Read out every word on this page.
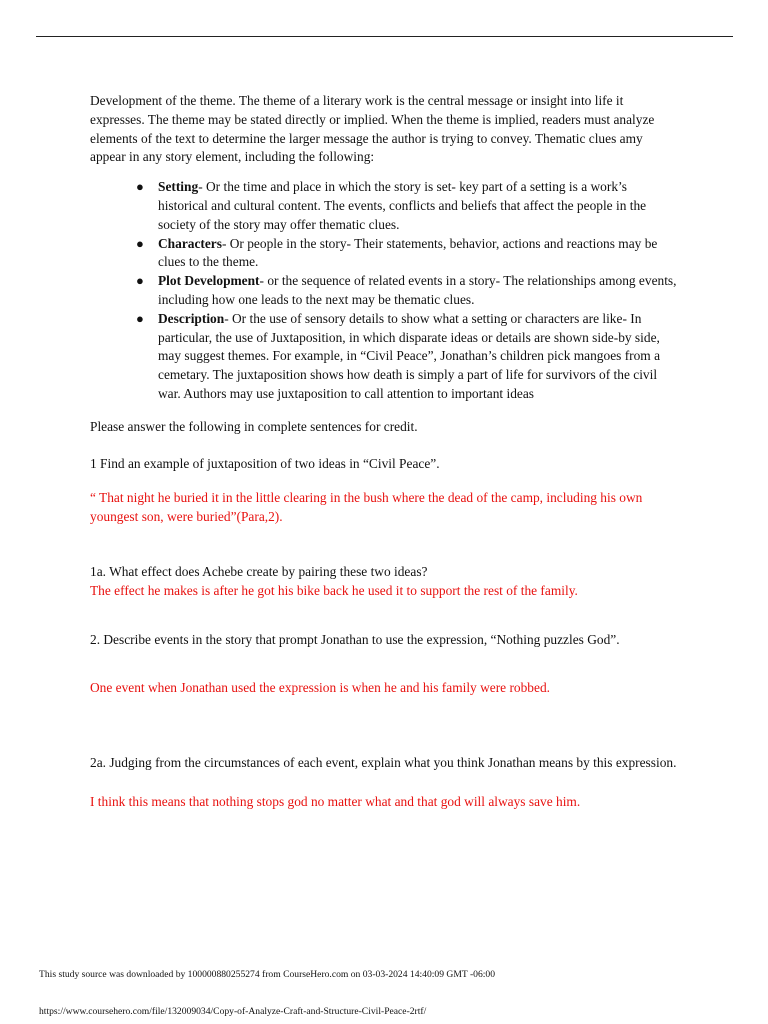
Development of the theme. The theme of a literary work is the central message or insight into life it expresses. The theme may be stated directly or implied. When the theme is implied, readers must analyze elements of the text to determine the larger message the author is trying to convey. Thematic clues amy appear in any story element, including the following:

● Setting- Or the time and place in which the story is set- key part of a setting is a work’s historical and cultural content. The events, conflicts and beliefs that affect the people in the society of the story may offer thematic clues.
● Characters- Or people in the story- Their statements, behavior, actions and reactions may be clues to the theme.
● Plot Development- or the sequence of related events in a story- The relationships among events, including how one leads to the next may be thematic clues.
● Description- Or the use of sensory details to show what a setting or characters are like- In particular, the use of Juxtaposition, in which disparate ideas or details are shown side-by side, may suggest themes. For example, in “Civil Peace”, Jonathan’s children pick mangoes from a cemetary. The juxtaposition shows how death is simply a part of life for survivors of the civil war. Authors may use juxtaposition to call attention to important ideas

Please answer the following in complete sentences for credit.

1 Find an example of juxtaposition of two ideas in “Civil Peace”.

“ That night he buried it in the little clearing in the bush where the dead of the camp, including his own youngest son, were buried”(Para,2).

1a. What effect does Achebe create by pairing these two ideas?

The effect he makes is after he got his bike back he used it to support the rest of the family.

2. Describe events in the story that prompt Jonathan to use the expression, “Nothing puzzles God”.

One event when Jonathan used the expression is when he and his family were robbed.

2a. Judging from the circumstances of each event, explain what you think Jonathan means by this expression.

I think this means that nothing stops god no matter what and that god will always save him.

This study source was downloaded by 100000880255274 from CourseHero.com on 03-03-2024 14:40:09 GMT -06:00
https://www.coursehero.com/file/132009034/Copy-of-Analyze-Craft-and-Structure-Civil-Peace-2rtf/
